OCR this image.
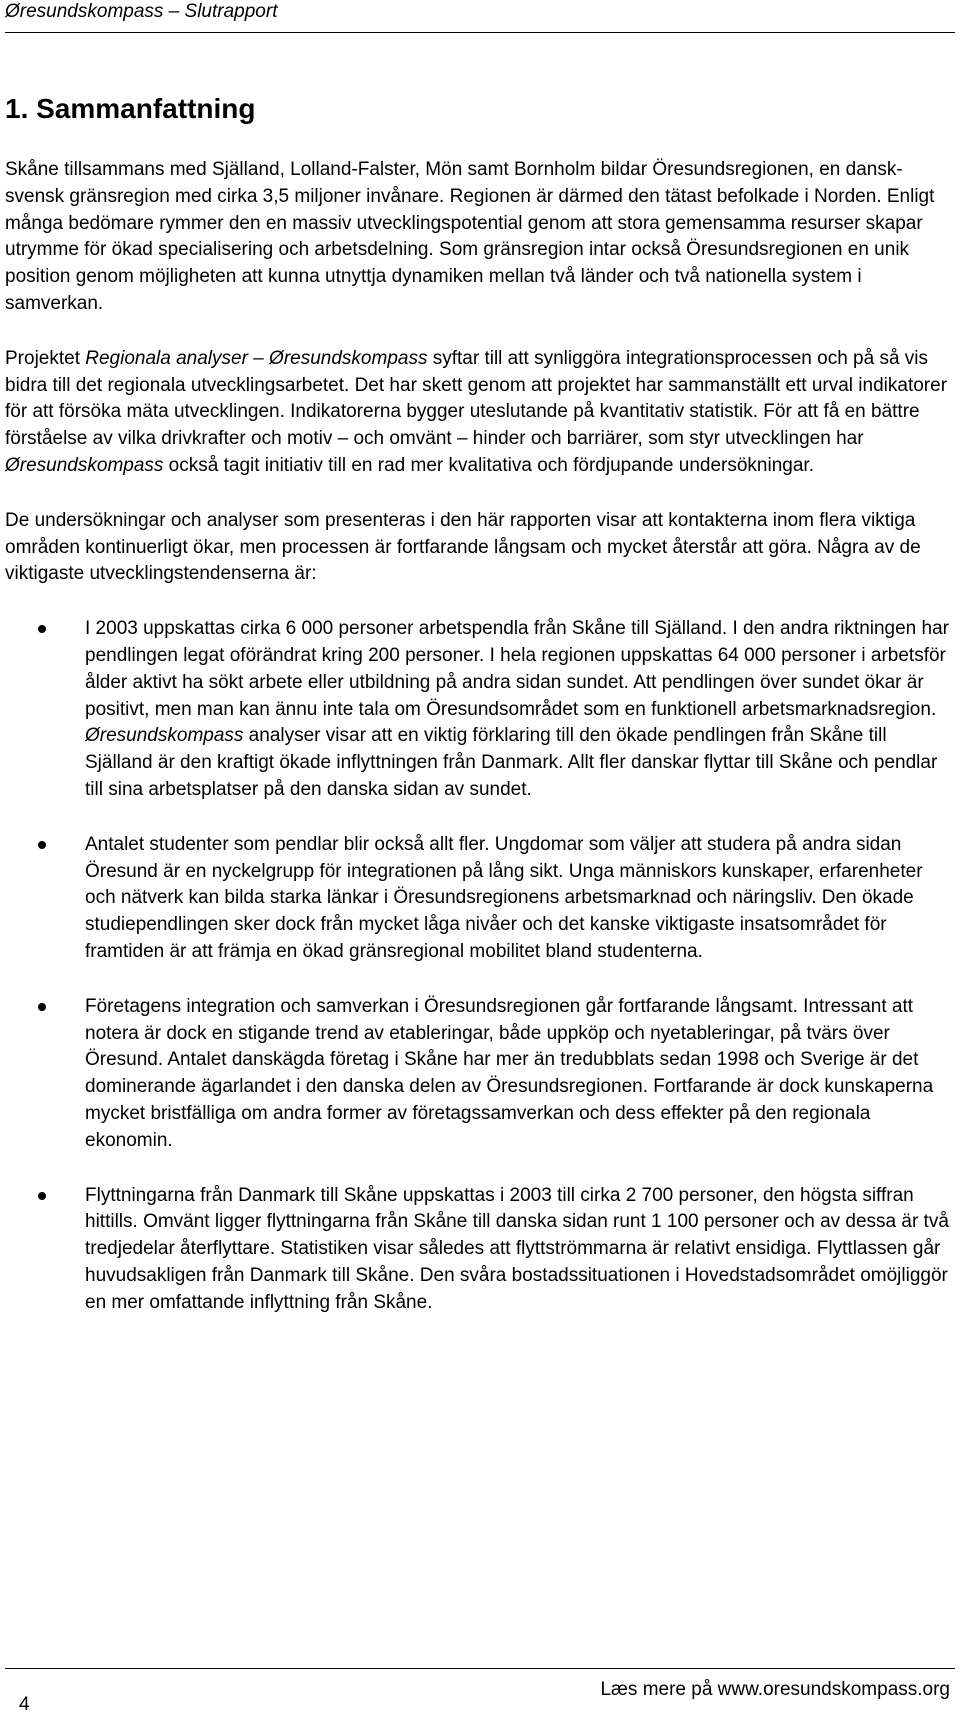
Øresundskompass – Slutrapport
1. Sammanfattning

Skåne tillsammans med Själland, Lolland-Falster, Mön samt Bornholm bildar Öresundsregionen, en dansk-svensk gränsregion med cirka 3,5 miljoner invånare. Regionen är därmed den tätast befolkade i Norden. Enligt många bedömare rymmer den en massiv utvecklingspotential genom att stora gemensamma resurser skapar utrymme för ökad specialisering och arbetsdelning. Som gränsregion intar också Öresundsregionen en unik position genom möjligheten att kunna utnyttja dynamiken mellan två länder och två nationella system i samverkan.

Projektet Regionala analyser – Øresundskompass syftar till att synliggöra integrationsprocessen och på så vis bidra till det regionala utvecklingsarbetet. Det har skett genom att projektet har sammanställt ett urval indikatorer för att försöka mäta utvecklingen. Indikatorerna bygger uteslutande på kvantitativ statistik. För att få en bättre förståelse av vilka drivkrafter och motiv – och omvänt – hinder och barriärer, som styr utvecklingen har Øresundskompass också tagit initiativ till en rad mer kvalitativa och fördjupande undersökningar.

De undersökningar och analyser som presenteras i den här rapporten visar att kontakterna inom flera viktiga områden kontinuerligt ökar, men processen är fortfarande långsam och mycket återstår att göra. Några av de viktigaste utvecklingstendenserna är:

I 2003 uppskattas cirka 6 000 personer arbetspendla från Skåne till Själland. I den andra riktningen har pendlingen legat oförändrat kring 200 personer. I hela regionen uppskattas 64 000 personer i arbetsför ålder aktivt ha sökt arbete eller utbildning på andra sidan sundet. Att pendlingen över sundet ökar är positivt, men man kan ännu inte tala om Öresundsområdet som en funktionell arbetsmarknadsregion. Øresundskompass analyser visar att en viktig förklaring till den ökade pendlingen från Skåne till Själland är den kraftigt ökade inflyttningen från Danmark. Allt fler danskar flyttar till Skåne och pendlar till sina arbetsplatser på den danska sidan av sundet.
Antalet studenter som pendlar blir också allt fler. Ungdomar som väljer att studera på andra sidan Öresund är en nyckelgrupp för integrationen på lång sikt. Unga människors kunskaper, erfarenheter och nätverk kan bilda starka länkar i Öresundsregionens arbetsmarknad och näringsliv. Den ökade studiependlingen sker dock från mycket låga nivåer och det kanske viktigaste insatsområdet för framtiden är att främja en ökad gränsregional mobilitet bland studenterna.
Företagens integration och samverkan i Öresundsregionen går fortfarande långsamt. Intressant att notera är dock en stigande trend av etableringar, både uppköp och nyetableringar, på tvärs över Öresund. Antalet danskägda företag i Skåne har mer än tredubblats sedan 1998 och Sverige är det dominerande ägarlandet i den danska delen av Öresundsregionen. Fortfarande är dock kunskaperna mycket bristfälliga om andra former av företagssamverkan och dess effekter på den regionala ekonomin.
Flyttningarna från Danmark till Skåne uppskattas i 2003 till cirka 2 700 personer, den högsta siffran hittills. Omvänt ligger flyttningarna från Skåne till danska sidan runt 1 100 personer och av dessa är två tredjedelar återflyttare. Statistiken visar således att flyttströmmarna är relativt ensidiga. Flyttlassen går huvudsakligen från Danmark till Skåne. Den svåra bostadssituationen i Hovedstadsområdet omöjliggör en mer omfattande inflyttning från Skåne.
4
Læs mere på www.oresundskompass.org
